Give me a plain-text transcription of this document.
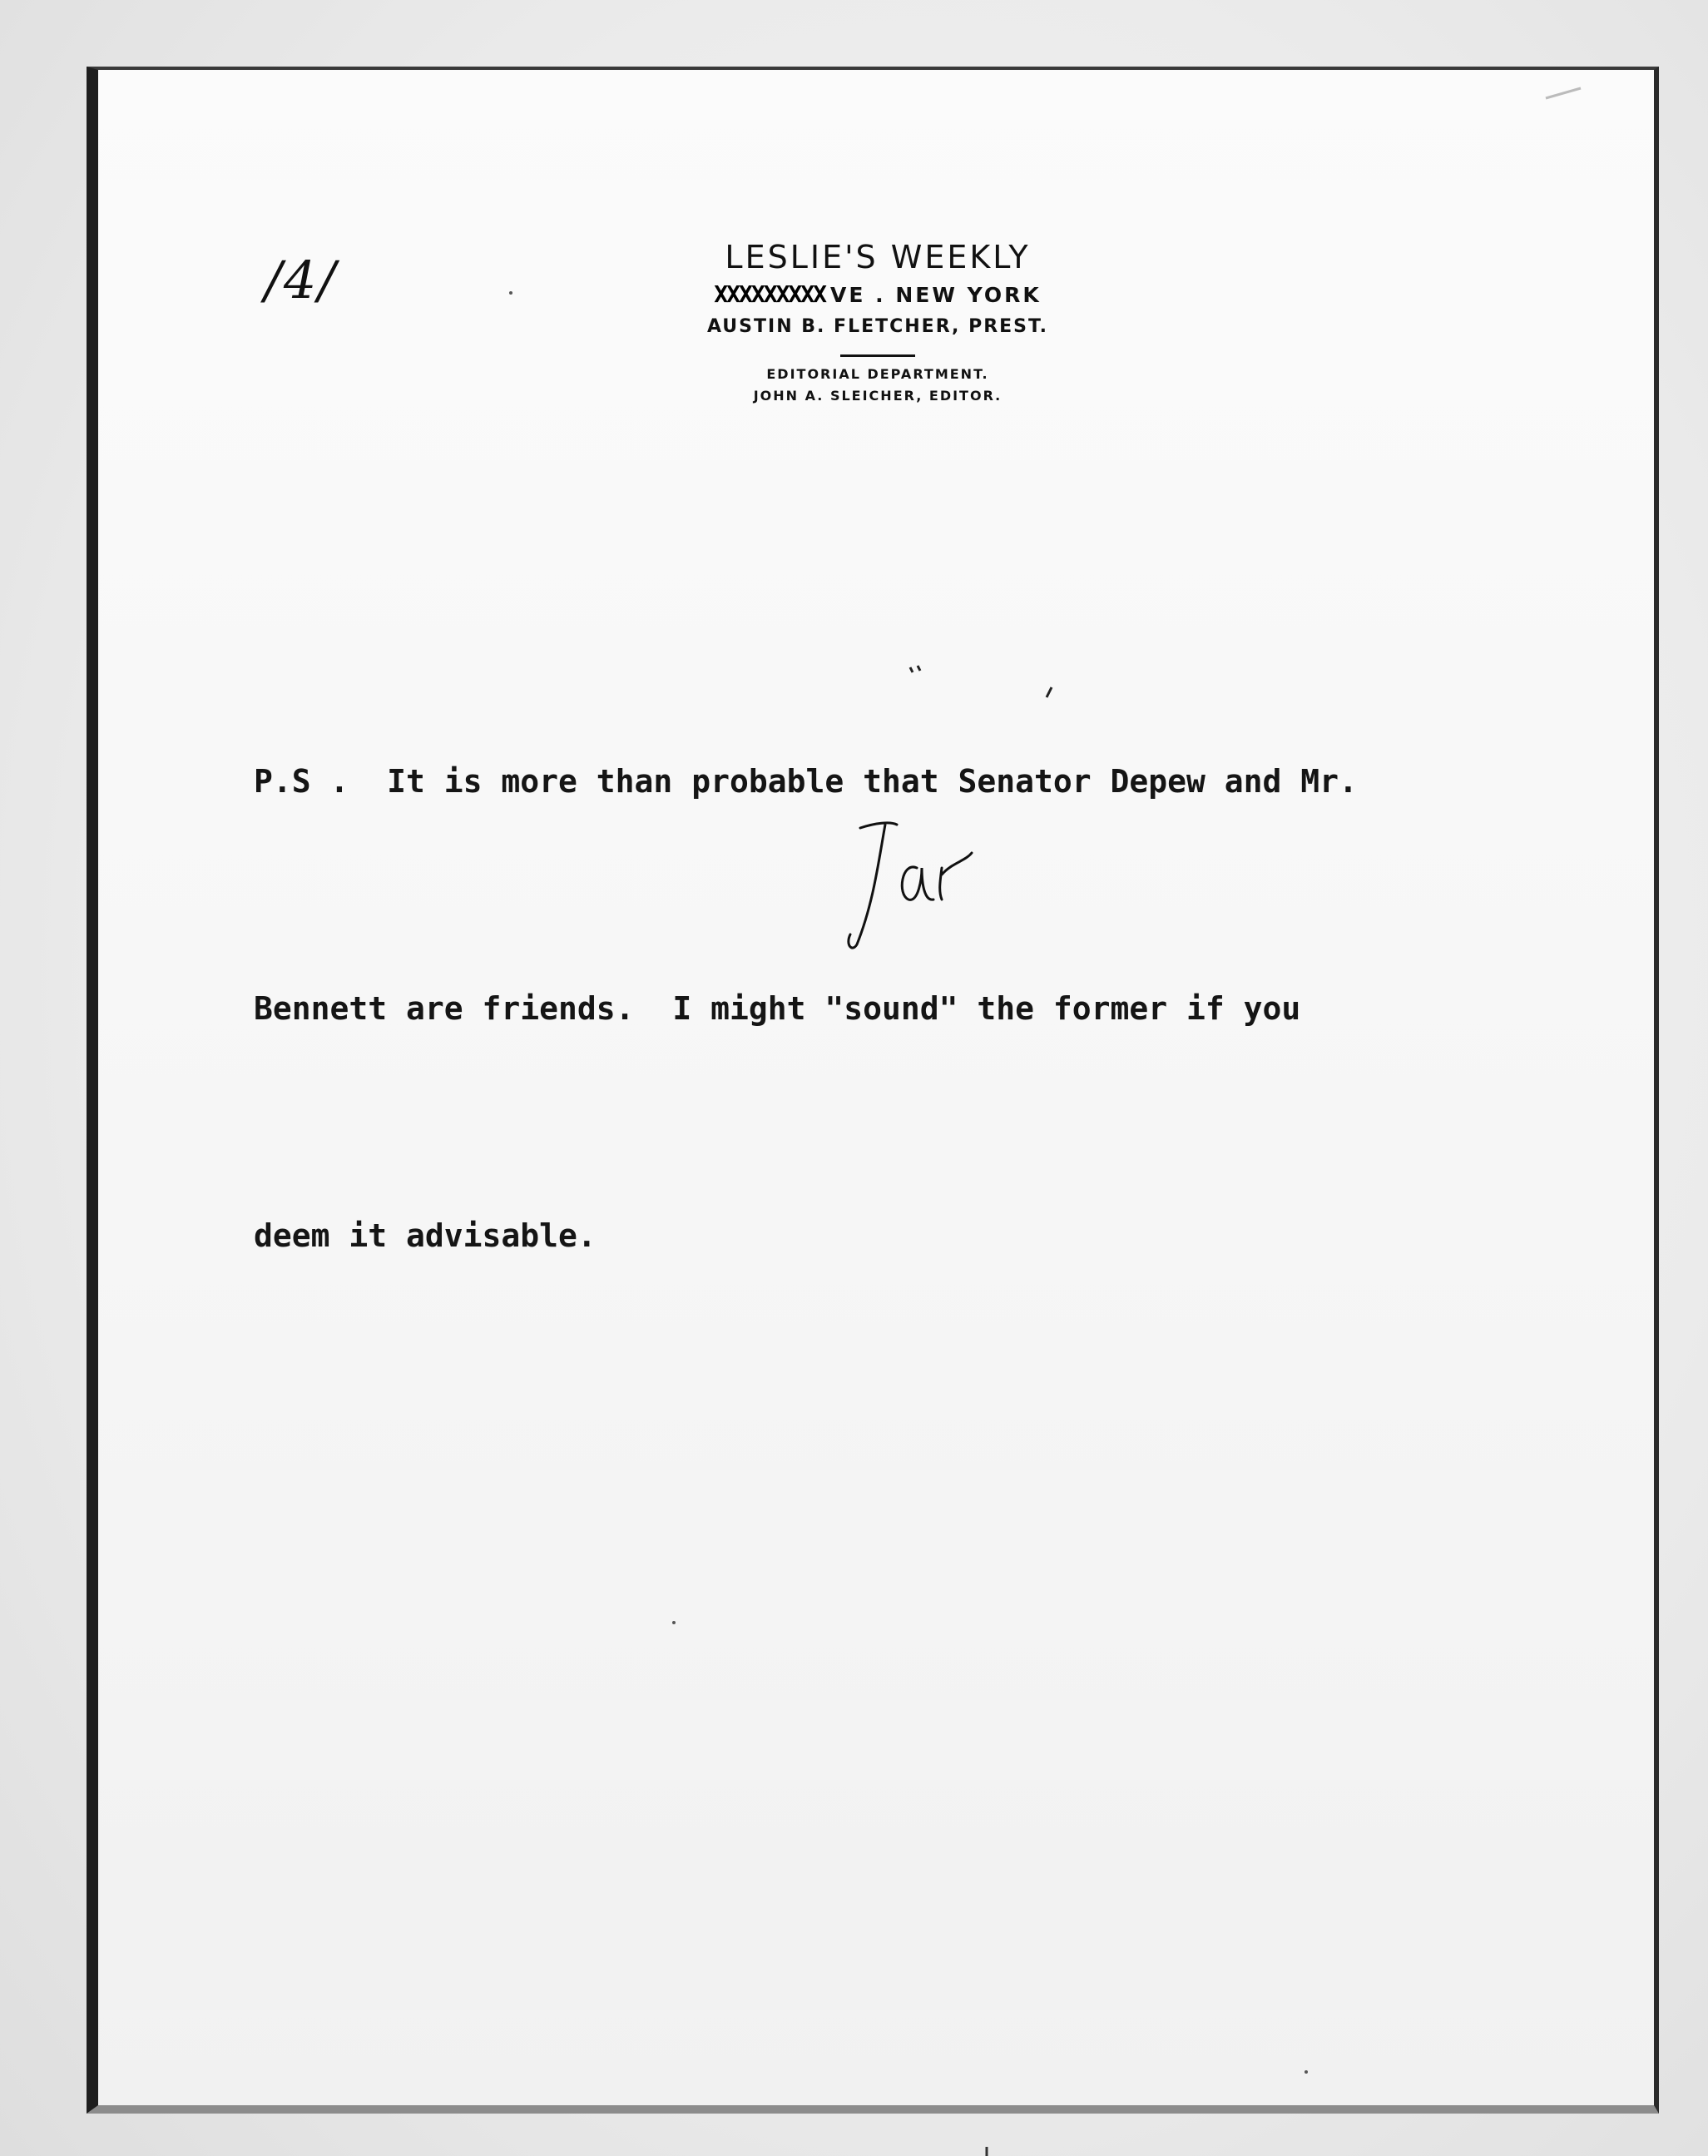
/4/	LESLIE'S WEEKLY
XXXXXXXXX VE . NEW YORK
AUSTIN B. FLETCHER, PREST.
EDITORIAL DEPARTMENT.
JOHN A. SLEICHER, EDITOR.

P.S .  It is more than probable that Senator Depew and Mr.

Bennett are friends.  I might "sound" the former if you

deem it advisable.
